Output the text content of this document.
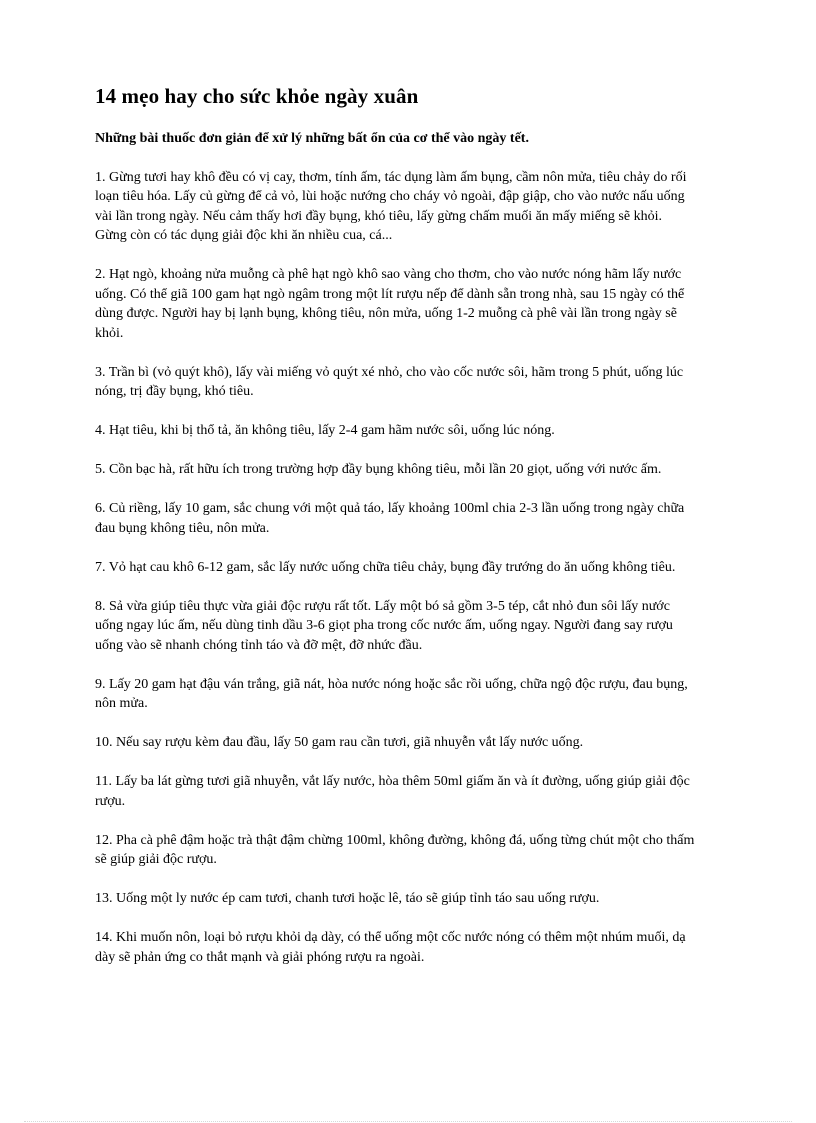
14 mẹo hay cho sức khỏe ngày xuân

Những bài thuốc đơn giản để xử lý những bất ổn của cơ thể vào ngày tết.

1. Gừng tươi hay khô đều có vị cay, thơm, tính ấm, tác dụng làm ấm bụng, cầm nôn mửa, tiêu chảy do rối loạn tiêu hóa. Lấy củ gừng để cả vỏ, lùi hoặc nướng cho cháy vỏ ngoài, đập giập, cho vào nước nấu uống vài lần trong ngày. Nếu cảm thấy hơi đầy bụng, khó tiêu, lấy gừng chấm muối ăn mấy miếng sẽ khỏi. Gừng còn có tác dụng giải độc khi ăn nhiều cua, cá...

2. Hạt ngò, khoảng nửa muỗng cà phê hạt ngò khô sao vàng cho thơm, cho vào nước nóng hãm lấy nước uống. Có thể giã 100 gam hạt ngò ngâm trong một lít rượu nếp để dành sẵn trong nhà, sau 15 ngày có thể dùng được. Người hay bị lạnh bụng, không tiêu, nôn mửa, uống 1-2 muỗng cà phê vài lần trong ngày sẽ khỏi.

3. Trần bì (vỏ quýt khô), lấy vài miếng vỏ quýt xé nhỏ, cho vào cốc nước sôi, hãm trong 5 phút, uống lúc nóng, trị đầy bụng, khó tiêu.

4. Hạt tiêu, khi bị thổ tả, ăn không tiêu, lấy 2-4 gam hãm nước sôi, uống lúc nóng.

5. Cồn bạc hà, rất hữu ích trong trường hợp đầy bụng không tiêu, mỗi lần 20 giọt, uống với nước ấm.

6. Củ riềng, lấy 10 gam, sắc chung với một quả táo, lấy khoảng 100ml chia 2-3 lần uống trong ngày chữa đau bụng không tiêu, nôn mửa.

7. Vỏ hạt cau khô 6-12 gam, sắc lấy nước uống chữa tiêu chảy, bụng đầy trướng do ăn uống không tiêu.

8. Sả vừa giúp tiêu thực vừa giải độc rượu rất tốt. Lấy một bó sả gồm 3-5 tép, cắt nhỏ đun sôi lấy nước uống ngay lúc ấm, nếu dùng tinh dầu 3-6 giọt pha trong cốc nước ấm, uống ngay. Người đang say rượu uống vào sẽ nhanh chóng tỉnh táo và đỡ mệt, đỡ nhức đầu.

9. Lấy 20 gam hạt đậu ván trắng, giã nát, hòa nước nóng hoặc sắc rồi uống, chữa ngộ độc rượu, đau bụng, nôn mửa.

10. Nếu say rượu kèm đau đầu, lấy 50 gam rau cần tươi, giã nhuyễn vắt lấy nước uống.

11. Lấy ba lát gừng tươi giã nhuyễn, vắt lấy nước, hòa thêm 50ml giấm ăn và ít đường, uống giúp giải độc rượu.

12. Pha cà phê đậm hoặc trà thật đậm chừng 100ml, không đường, không đá, uống từng chút một cho thấm sẽ giúp giải độc rượu.

13. Uống một ly nước ép cam tươi, chanh tươi hoặc lê, táo sẽ giúp tỉnh táo sau uống rượu.

14. Khi muốn nôn, loại bỏ rượu khỏi dạ dày, có thể uống một cốc nước nóng có thêm một nhúm muối, dạ dày sẽ phản ứng co thắt mạnh và giải phóng rượu ra ngoài.
